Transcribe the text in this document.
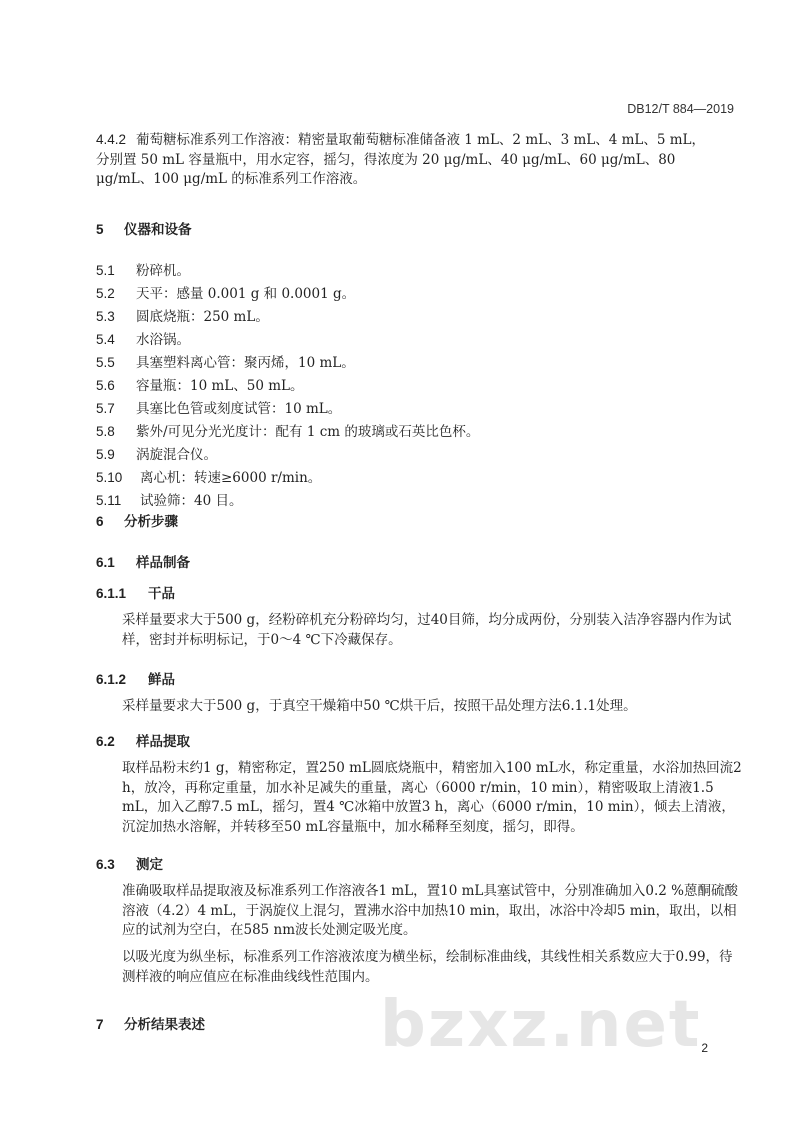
DB12/T 884—2019
4.4.2 葡萄糖标准系列工作溶液：精密量取葡萄糖标准储备液 1 mL、2 mL、3 mL、4 mL、5 mL，分别置 50 mL 容量瓶中，用水定容，摇匀，得浓度为 20 μg/mL、40 μg/mL、60 μg/mL、80 μg/mL、100 μg/mL 的标准系列工作溶液。
5 仪器和设备
5.1 粉碎机。
5.2 天平：感量 0.001 g 和 0.0001 g。
5.3 圆底烧瓶：250 mL。
5.4 水浴锅。
5.5 具塞塑料离心管：聚丙烯，10 mL。
5.6 容量瓶：10 mL、50 mL。
5.7 具塞比色管或刻度试管：10 mL。
5.8 紫外/可见分光光度计：配有 1 cm 的玻璃或石英比色杯。
5.9 涡旋混合仪。
5.10 离心机：转速≥6000 r/min。
5.11 试验筛：40 目。
6 分析步骤
6.1 样品制备
6.1.1 干品
采样量要求大于500 g，经粉碎机充分粉碎均匀，过40目筛，均分成两份，分别装入洁净容器内作为试样，密封并标明标记，于0～4 ℃下冷藏保存。
6.1.2 鲜品
采样量要求大于500 g，于真空干燥箱中50 ℃烘干后，按照干品处理方法6.1.1处理。
6.2 样品提取
取样品粉末约1 g，精密称定，置250 mL圆底烧瓶中，精密加入100 mL水，称定重量，水浴加热回流2 h，放冷，再称定重量，加水补足减失的重量，离心（6000 r/min，10 min），精密吸取上清液1.5 mL，加入乙醇7.5 mL，摇匀，置4 ℃冰箱中放置3 h，离心（6000 r/min，10 min），倾去上清液，沉淀加热水溶解，并转移至50 mL容量瓶中，加水稀释至刻度，摇匀，即得。
6.3 测定
准确吸取样品提取液及标准系列工作溶液各1 mL，置10 mL具塞试管中，分别准确加入0.2 %蒽酮硫酸溶液（4.2）4 mL，于涡旋仪上混匀，置沸水浴中加热10 min，取出，冰浴中冷却5 min，取出，以相应的试剂为空白，在585 nm波长处测定吸光度。
以吸光度为纵坐标，标准系列工作溶液浓度为横坐标，绘制标准曲线，其线性相关系数应大于0.99，待测样液的响应值应在标准曲线线性范围内。
7 分析结果表述	bzxz.net 2
